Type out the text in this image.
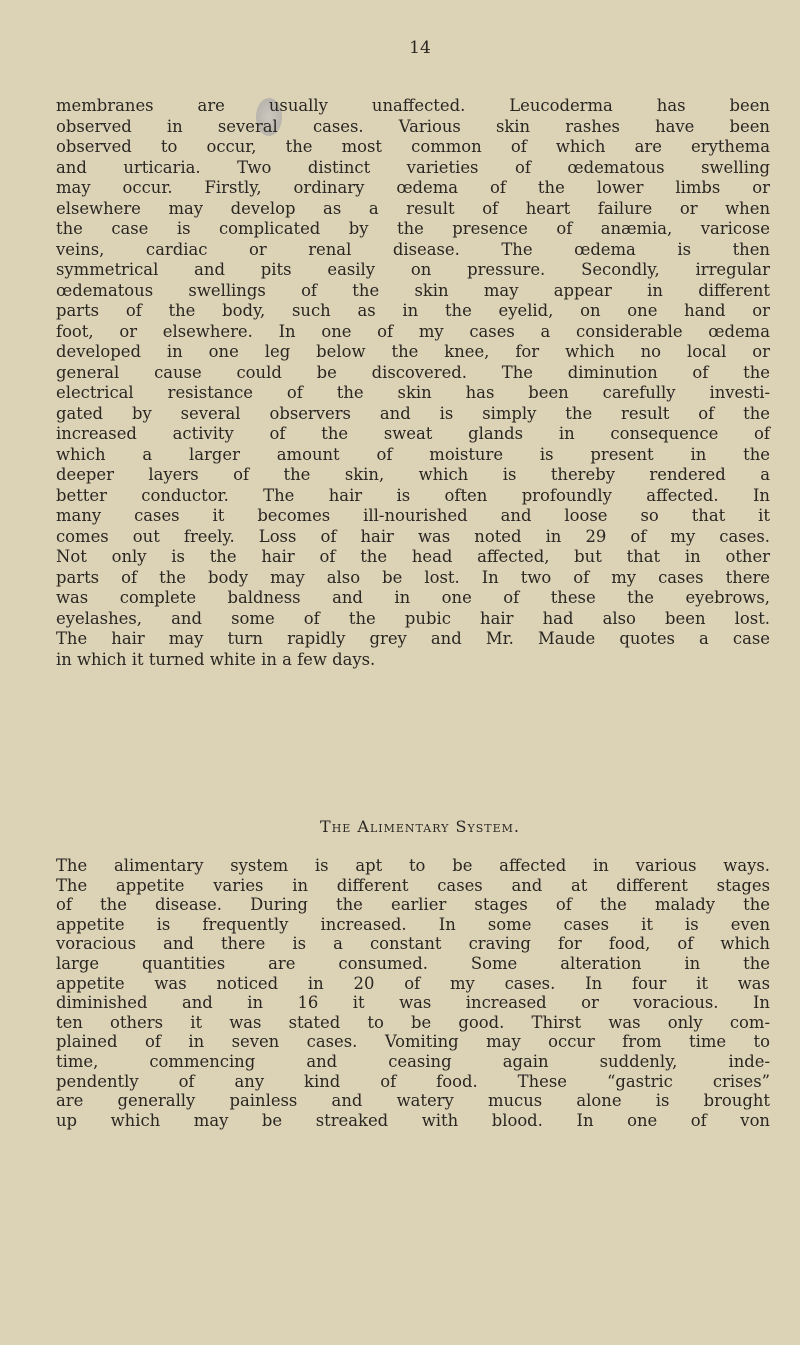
14
membranes are usually unaffected. Leucoderma has been
observed in several cases. Various skin rashes have been
observed to occur, the most common of which are erythema
and urticaria. Two distinct varieties of œdematous swelling
may occur. Firstly, ordinary œdema of the lower limbs or
elsewhere may develop as a result of heart failure or when
the case is complicated by the presence of anæmia, varicose
veins, cardiac or renal disease. The œdema is then
symmetrical and pits easily on pressure. Secondly, irregular
œdematous swellings of the skin may appear in different
parts of the body, such as in the eyelid, on one hand or
foot, or elsewhere. In one of my cases a considerable œdema
developed in one leg below the knee, for which no local or
general cause could be discovered. The diminution of the
electrical resistance of the skin has been carefully investi-
gated by several observers and is simply the result of the
increased activity of the sweat glands in consequence of
which a larger amount of moisture is present in the
deeper layers of the skin, which is thereby rendered a
better conductor. The hair is often profoundly affected. In
many cases it becomes ill-nourished and loose so that it
comes out freely. Loss of hair was noted in 29 of my cases.
Not only is the hair of the head affected, but that in other
parts of the body may also be lost. In two of my cases there
was complete baldness and in one of these the eyebrows,
eyelashes, and some of the pubic hair had also been lost.
The hair may turn rapidly grey and Mr. Maude quotes a case
in which it turned white in a few days.
The Alimentary System.
The alimentary system is apt to be affected in various ways.
The appetite varies in different cases and at different stages
of the disease. During the earlier stages of the malady the
appetite is frequently increased. In some cases it is even
voracious and there is a constant craving for food, of which
large quantities are consumed. Some alteration in the
appetite was noticed in 20 of my cases. In four it was
diminished and in 16 it was increased or voracious. In
ten others it was stated to be good. Thirst was only com-
plained of in seven cases. Vomiting may occur from time to
time, commencing and ceasing again suddenly, inde-
pendently of any kind of food. These “gastric crises”
are generally painless and watery mucus alone is brought
up which may be streaked with blood. In one of von
